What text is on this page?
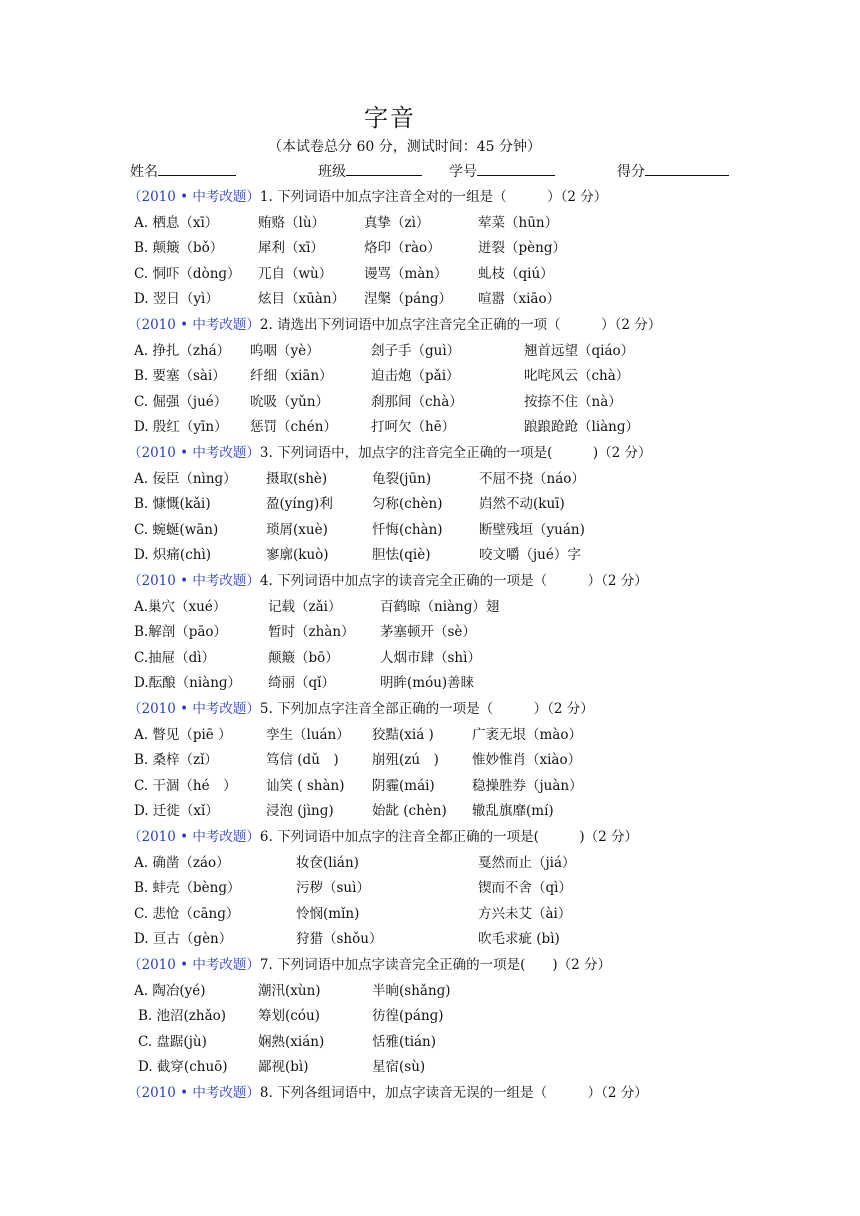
字音
（本试卷总分 60 分，测试时间：45 分钟）
姓名	班级	学号	得分
（2010 • 中考改题）1. 下列词语中加点字注音全对的一组是（　　　）（2 分）
A. 栖息（xī）	贿赂（lù）	真挚（zì）	荤菜（hūn）
B. 颠簸（bǒ）	犀利（xī）	烙印（rào）	迸裂（pèng）
C. 恫吓（dònɡ） 兀自（wù） 谩骂（màn） 虬枝（qiú）
D. 翌日（yì）	炫目（xūàn） 涅槃（pánɡ） 喧嚣（xiāo）
（2010 • 中考改题）2. 请选出下列词语中加点字注音完全正确的一项（　　　）（2 分）
A. 挣扎（zhá） 呜咽（yè）	刽子手（guì）	翘首远望（qiáo）
B. 要塞（sài） 纤细（xiān）	迫击炮（pǎi）	叱咤风云（chà）
C. 倔强（jué） 吮吸（yǔn）	刹那间（chà）	按捺不住（nà）
D. 殷红（yīn） 惩罚（chén）	打呵欠（hē）	踉踉跄跄（liànɡ）
（2010 • 中考改题）3. 下列词语中，加点字的注音完全正确的一项是(　　　)（2 分）
A. 佞臣（nìnɡ） 摄取(shè)	龟裂(jūn)	不屈不挠（náo）
B. 慷慨(kǎi)	盈(yínɡ)利	匀称(chèn)	岿然不动(kuī)
C. 蜿蜒(wān)	琐屑(xuè)	忏悔(chàn)	断壁残垣（yuán)
D. 炽痛(chì)	寥廓(kuò)	胆怯(qiè)	咬文嚼（jué）字
（2010 • 中考改题）4. 下列词语中加点字的读音完全正确的一项是（　　　）（2 分）
A.巢穴（xué）	记载（zǎi）	百鹤晾（niànɡ）翅
B.解剖（pāo）	暂时（zhàn） 茅塞顿开（sè）
C.抽屉（dì）	颠簸（bō）	人烟市肆（shì）
D.酝酿（niànɡ） 绮丽（qǐ）	明眸(móu)善睐
（2010 • 中考改题）5. 下列加点字注音全部正确的一项是（　　　）（2 分）
A. 瞥见（piē ）	孪生（luán） 狡黠(xiá )	广袤无垠（mào）
B. 桑梓（zǐ）	笃信 (dǔ　) 崩殂(zú　) 惟妙惟肖（xiào）
C. 干涸（hé　） 讪笑 ( shàn) 阴霾(mái)	稳操胜券（juàn）
D. 迁徙（xǐ）	浸泡 (jìnɡ)	始龀 (chèn) 辙乱旗靡(mí)
（2010 • 中考改题）6. 下列词语中加点字的注音全都正确的一项是(　　　)（2 分）
A. 确凿（záo）	妆奁(lián)	戛然而止（jiá）
B. 蚌壳（bènɡ）	污秽（suì）	锲而不舍（qì）
C. 悲怆（cānɡ）	怜悯(mǐn)	方兴未艾（ài）
D. 亘古（gèn）	狩猎（shǒu）	吹毛求疵 (bì)
（2010 • 中考改题）7. 下列词语中加点字读音完全正确的一项是(　　)（2 分）
A. 陶冶(yé)	潮汛(xùn)	半晌(shǎnɡ)
B. 池沼(zhǎo) 筹划(cóu)	彷徨(pánɡ)
C. 盘踞(jù)	娴熟(xián)	恬雅(tián)
D. 截穿(chuō) 鄙视(bì)	星宿(sù)
（2010 • 中考改题）8. 下列各组词语中，加点字读音无误的一组是（　　　）（2 分）
